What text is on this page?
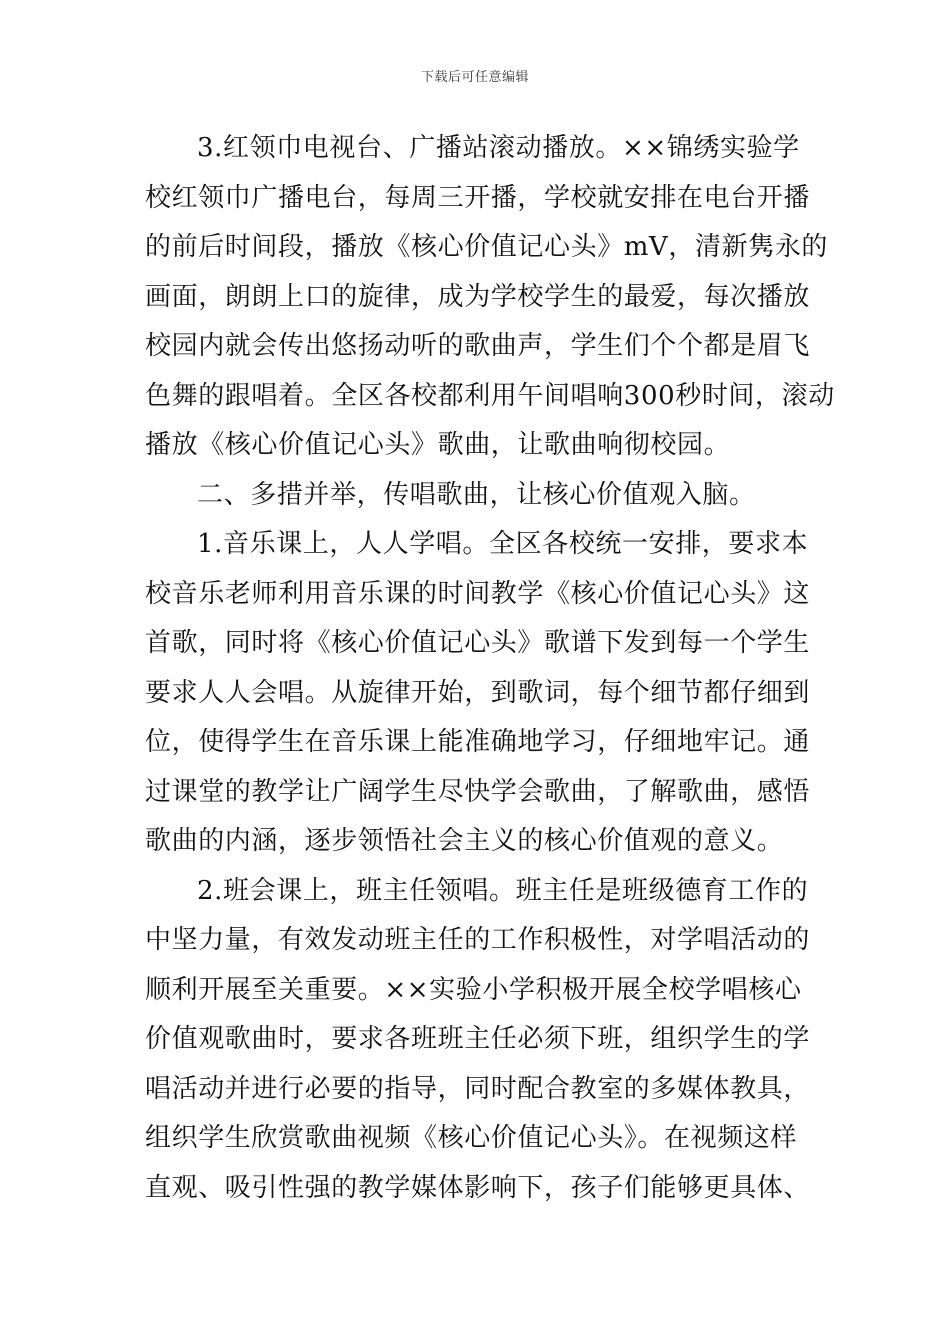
下载后可任意编辑
3.红领巾电视台、广播站滚动播放。××锦绣实验学
校红领巾广播电台，每周三开播，学校就安排在电台开播
的前后时间段，播放《核心价值记心头》mV，清新隽永的
画面，朗朗上口的旋律，成为学校学生的最爱，每次播放
校园内就会传出悠扬动听的歌曲声，学生们个个都是眉飞
色舞的跟唱着。全区各校都利用午间唱响300秒时间，滚动
播放《核心价值记心头》歌曲，让歌曲响彻校园。
二、多措并举，传唱歌曲，让核心价值观入脑。
1.音乐课上，人人学唱。全区各校统一安排，要求本
校音乐老师利用音乐课的时间教学《核心价值记心头》这
首歌，同时将《核心价值记心头》歌谱下发到每一个学生
要求人人会唱。从旋律开始，到歌词，每个细节都仔细到
位，使得学生在音乐课上能准确地学习，仔细地牢记。通
过课堂的教学让广阔学生尽快学会歌曲，了解歌曲，感悟
歌曲的内涵，逐步领悟社会主义的核心价值观的意义。
2.班会课上，班主任领唱。班主任是班级德育工作的
中坚力量，有效发动班主任的工作积极性，对学唱活动的
顺利开展至关重要。××实验小学积极开展全校学唱核心
价值观歌曲时，要求各班班主任必须下班，组织学生的学
唱活动并进行必要的指导，同时配合教室的多媒体教具，
组织学生欣赏歌曲视频《核心价值记心头》。在视频这样
直观、吸引性强的教学媒体影响下，孩子们能够更具体、
